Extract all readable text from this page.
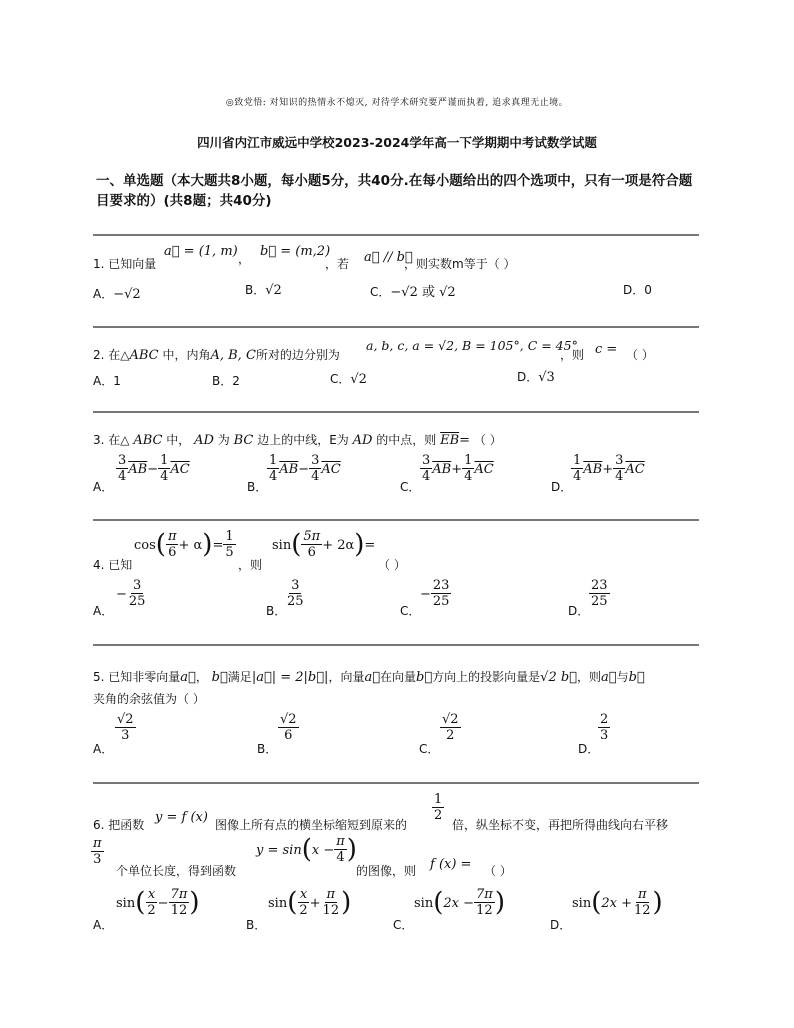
◎致党悟: 对知识的热情永不熄灭, 对待学术研究要严谨而执着, 追求真理无止境。
四川省内江市威远中学校2023-2024学年高一下学期期中考试数学试题
一、单选题（本大题共8小题，每小题5分，共40分.在每小题给出的四个选项中，只有一项是符合题目要求的）(共8题；共40分)
1. 已知向量
a⃗ = (1, m) ， b⃗ = (m,2)
，若 a⃗ // b⃗
，则实数m等于（ ）
A．−√2	B．√2	C．−√2 或 √2	D．0
2. 在△ABC 中，内角A, B, C所对的边分别为
a, b, c, a = √2, B = 105°, C = 45°
，则 c = （ ）
A．1	B．2	C．√2	D．√3
3. 在△ ABC 中， AD 为 BC 边上的中线，E为 AD 的中点，则 $\overline{EB}=$ （ ）
A．
$\frac{3}{4} \overline{AB}- \frac{1}{4} \overline{AC}$
B．
$\frac{1}{4} \overline{AB}- \frac{3}{4} \overline{AC}$
C．
$\frac{3}{4} \overline{AB}+ \frac{1}{4} \overline{AC}$
D．
$\frac{1}{4} \overline{AB}+ \frac{3}{4} \overline{AC}$
4. 已知
$\cos( \frac{\pi}{6} + \alpha)= \frac{1}{5}$
，则
$\sin( \frac{5\pi}{6} + 2\alpha)=$
（ ）
A．
− $\frac{3}{25}$
B．
$\frac{3}{25}$
C．
− $\frac{23}{25}$
D．
$\frac{23}{25}$
5. 已知非零向量a⃗， b⃗满足|a⃗| = 2|b⃗|，向量a⃗在向量b⃗方向上的投影向量是√2 b⃗，则a⃗与b⃗
夹角的余弦值为（ ）
A．
$\frac{√2}{3}$
B．
$\frac{√2}{6}$
C．
$\frac{√2}{2}$
D．
$\frac{2}{3}$
6. 把函数 y = f (x) 图像上所有点的横坐标缩短到原来的
$\frac{1}{2}$
倍，纵坐标不变，再把所得曲线向右平移
$\frac{\pi}{3}$
个单位长度，得到函数
$y = \sin(x - \frac{\pi}{4}$ )
的图像，则 f (x) = （ ）
A．
$\sin( \frac{x}{2} - \frac{7\pi}{12}$ )
B．
$\sin( \frac{x}{2} + \frac{\pi}{12}$ )
C．
$\sin(2x - \frac{7\pi}{12}$ )
D．
$\sin(2x + \frac{\pi}{12}$ )
